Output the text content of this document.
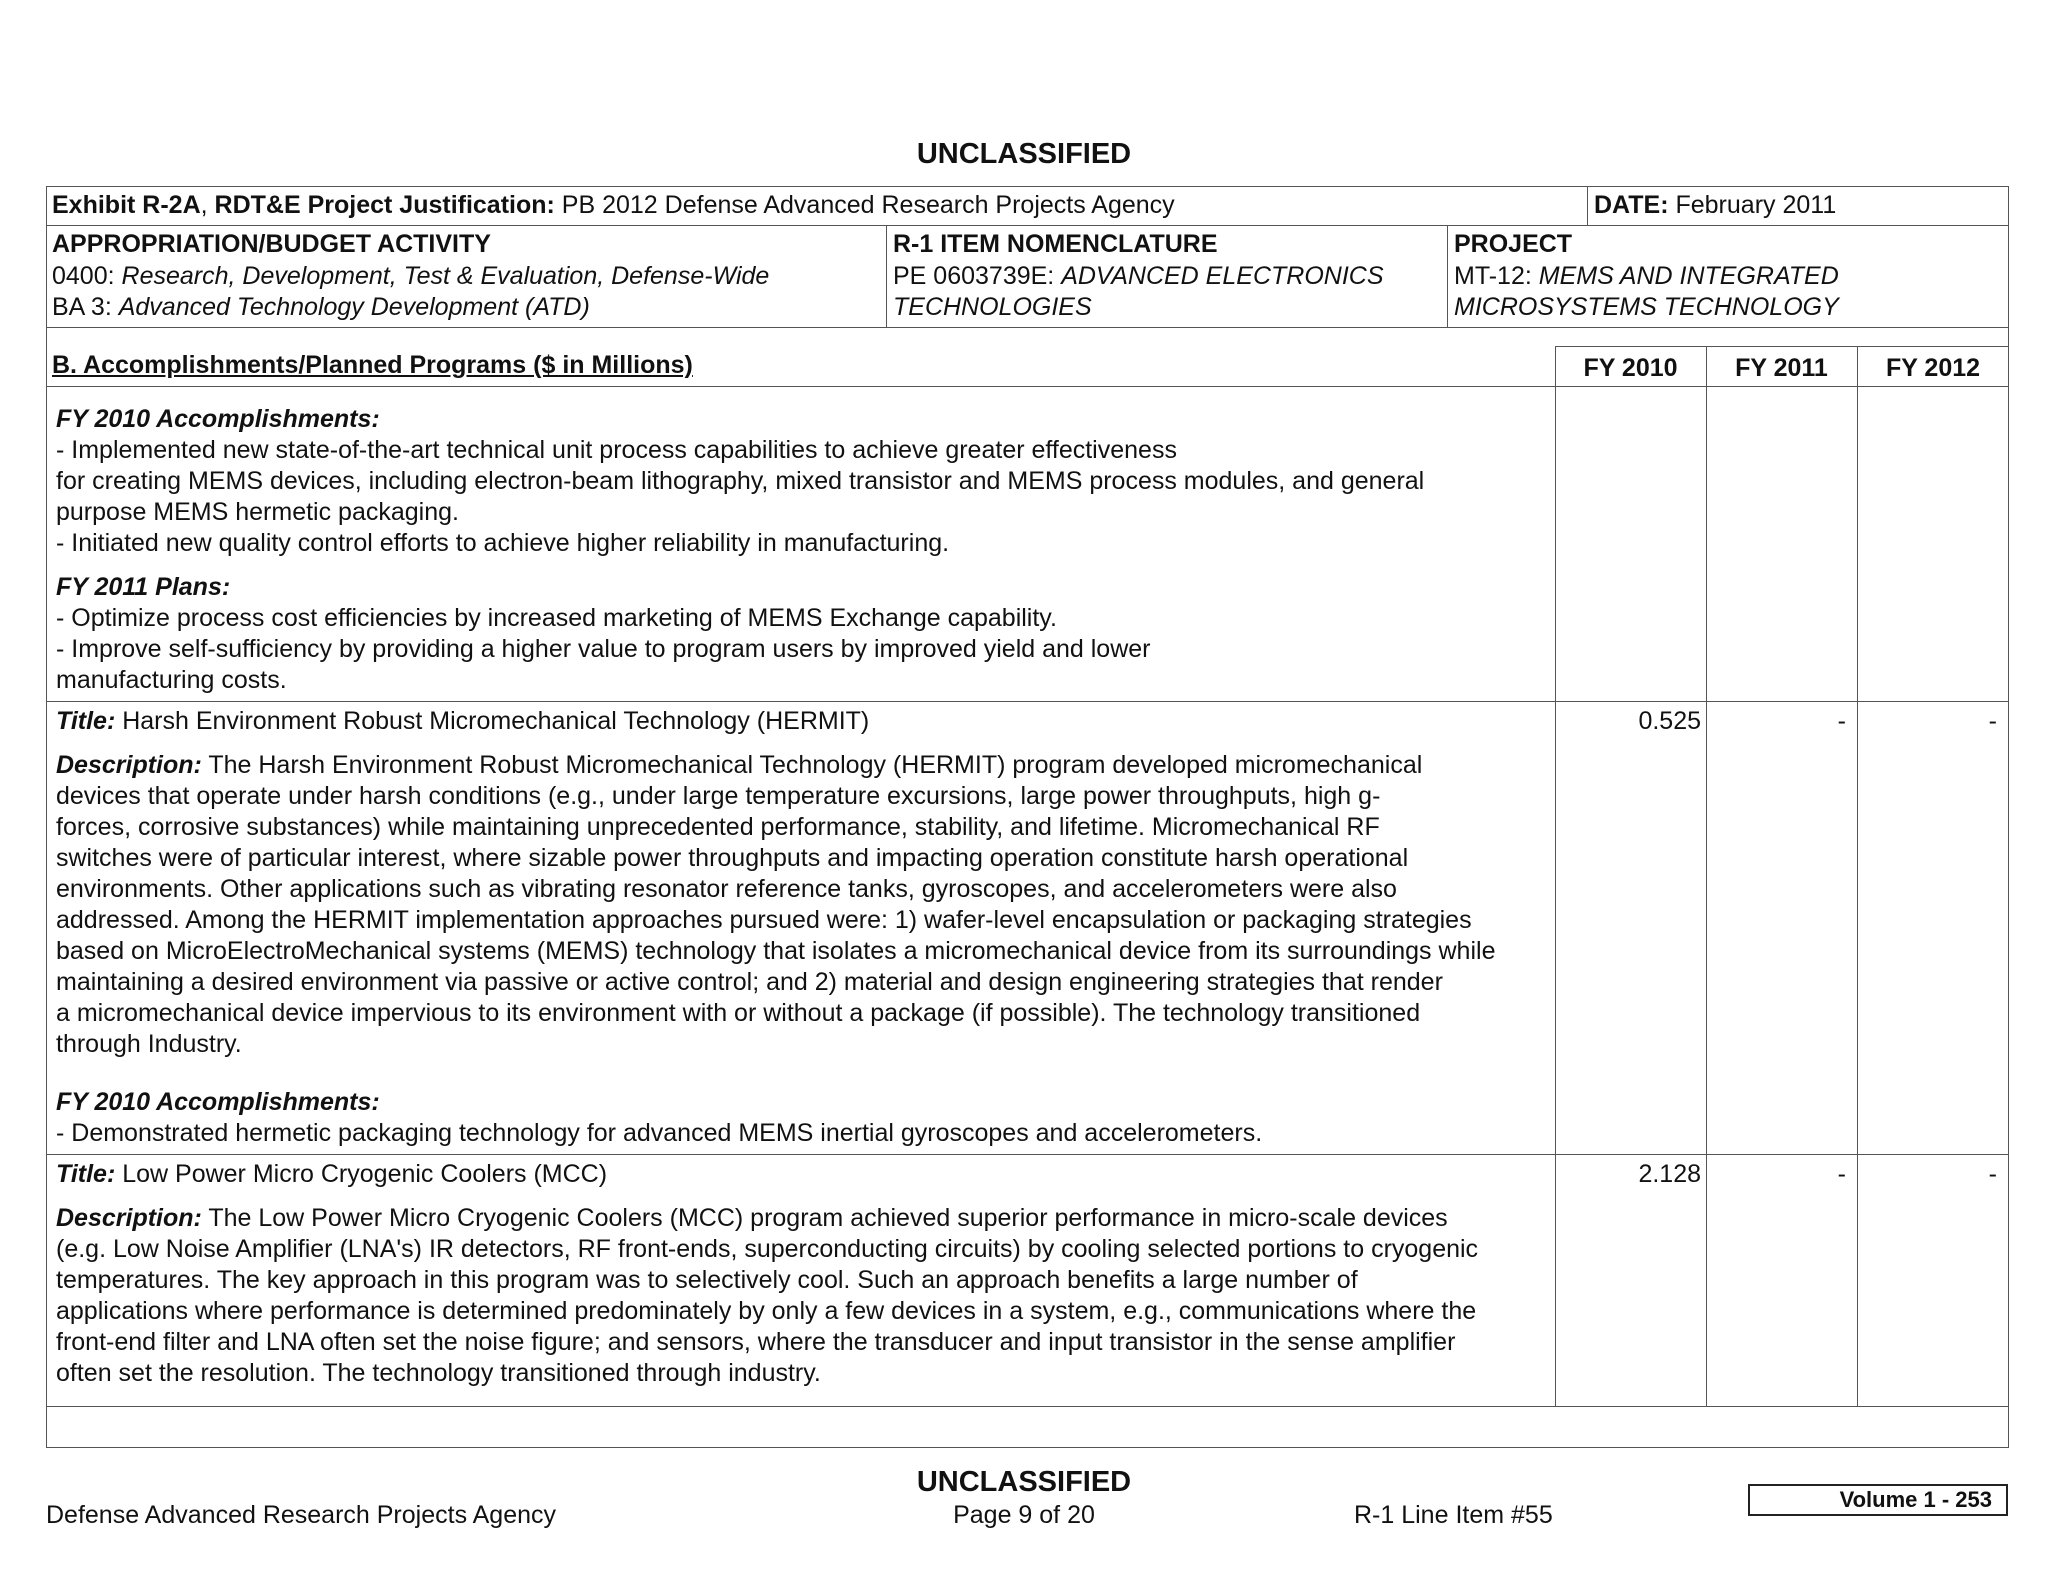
UNCLASSIFIED
Exhibit R-2A, RDT&E Project Justification: PB 2012 Defense Advanced Research Projects Agency	DATE: February 2011
APPROPRIATION/BUDGET ACTIVITY
0400: Research, Development, Test & Evaluation, Defense-Wide
BA 3: Advanced Technology Development (ATD)
R-1 ITEM NOMENCLATURE
PE 0603739E: ADVANCED ELECTRONICS
TECHNOLOGIES
PROJECT
MT-12: MEMS AND INTEGRATED
MICROSYSTEMS TECHNOLOGY
B. Accomplishments/Planned Programs ($ in Millions)	FY 2010	FY 2011	FY 2012
FY 2010 Accomplishments:
- Implemented new state-of-the-art technical unit process capabilities to achieve greater effectiveness
for creating MEMS devices, including electron-beam lithography, mixed transistor and MEMS process modules, and general
purpose MEMS hermetic packaging.
- Initiated new quality control efforts to achieve higher reliability in manufacturing.
FY 2011 Plans:
- Optimize process cost efficiencies by increased marketing of MEMS Exchange capability.
- Improve self-sufficiency by providing a higher value to program users by improved yield and lower
manufacturing costs.
Title: Harsh Environment Robust Micromechanical Technology (HERMIT)	0.525	-	-
Description: The Harsh Environment Robust Micromechanical Technology (HERMIT) program developed micromechanical
devices that operate under harsh conditions (e.g., under large temperature excursions, large power throughputs, high g-
forces, corrosive substances) while maintaining unprecedented performance, stability, and lifetime. Micromechanical RF
switches were of particular interest, where sizable power throughputs and impacting operation constitute harsh operational
environments. Other applications such as vibrating resonator reference tanks, gyroscopes, and accelerometers were also
addressed. Among the HERMIT implementation approaches pursued were: 1) wafer-level encapsulation or packaging strategies
based on MicroElectroMechanical systems (MEMS) technology that isolates a micromechanical device from its surroundings while
maintaining a desired environment via passive or active control; and 2) material and design engineering strategies that render
a micromechanical device impervious to its environment with or without a package (if possible). The technology transitioned
through Industry.
FY 2010 Accomplishments:
- Demonstrated hermetic packaging technology for advanced MEMS inertial gyroscopes and accelerometers.
Title: Low Power Micro Cryogenic Coolers (MCC)	2.128	-	-
Description: The Low Power Micro Cryogenic Coolers (MCC) program achieved superior performance in micro-scale devices
(e.g. Low Noise Amplifier (LNA's) IR detectors, RF front-ends, superconducting circuits) by cooling selected portions to cryogenic
temperatures. The key approach in this program was to selectively cool. Such an approach benefits a large number of
applications where performance is determined predominately by only a few devices in a system, e.g., communications where the
front-end filter and LNA often set the noise figure; and sensors, where the transducer and input transistor in the sense amplifier
often set the resolution. The technology transitioned through industry.
UNCLASSIFIED
Defense Advanced Research Projects Agency	Page 9 of 20	R-1 Line Item #55
Volume 1 - 253
